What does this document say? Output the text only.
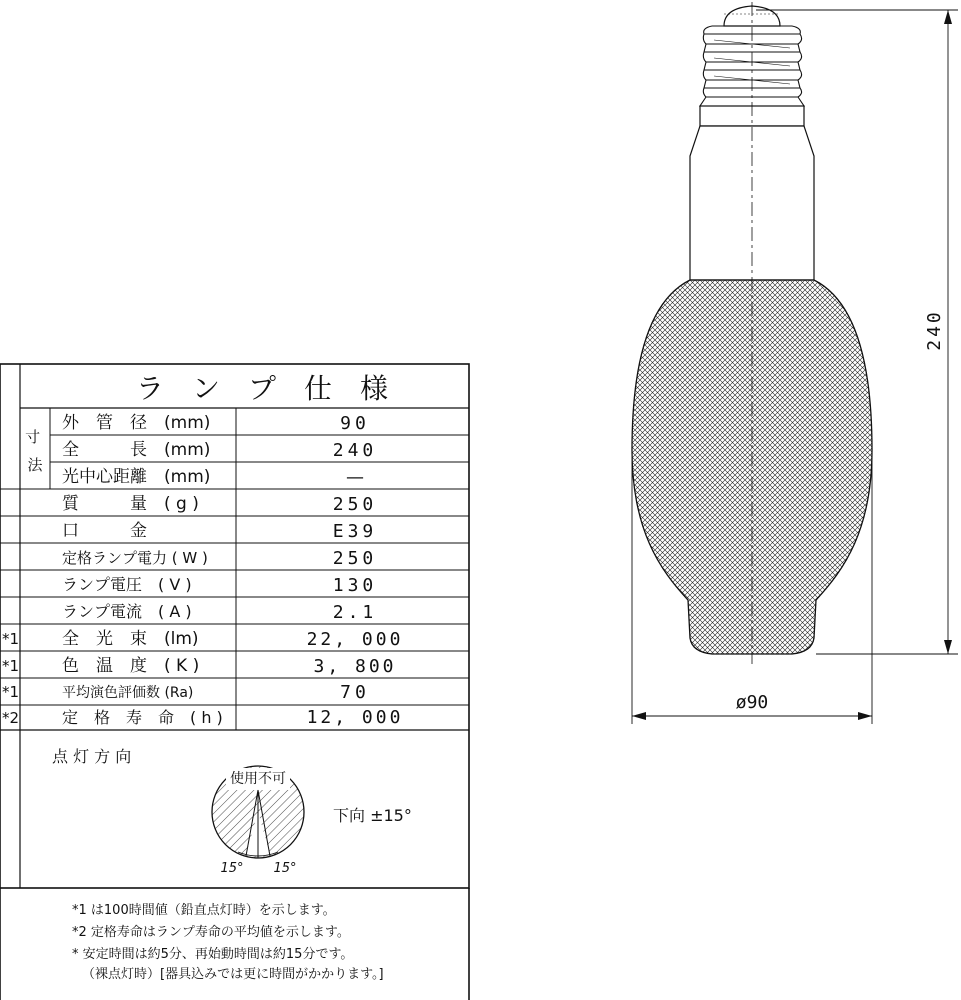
ラ　ン　プ　仕　様
寸 法
外　管　径　(mm)	90
全　　　長　(mm)	240
光中心距離　(mm)	—
質　　　量　( g )	250
口　　　金	E39
定格ランプ電力 ( W )	250
ランプ電圧　( V )	130
ランプ電流　( A )	2.1
*1	全　光　束　(lm)	22, 000
*1	色　温　度　( K )	3, 800
*1	平均演色評価数 (Ra)	70
*2	定　格　寿　命　( h )	12, 000
点 灯 方 向
使用不可
15° 15°
下向 ±15°
*1 は100時間値（鉛直点灯時）を示します。
*2 定格寿命はランプ寿命の平均値を示します。
* 安定時間は約5分、再始動時間は約15分です。
（裸点灯時）[器具込みでは更に時間がかかります。]
240
ø90
